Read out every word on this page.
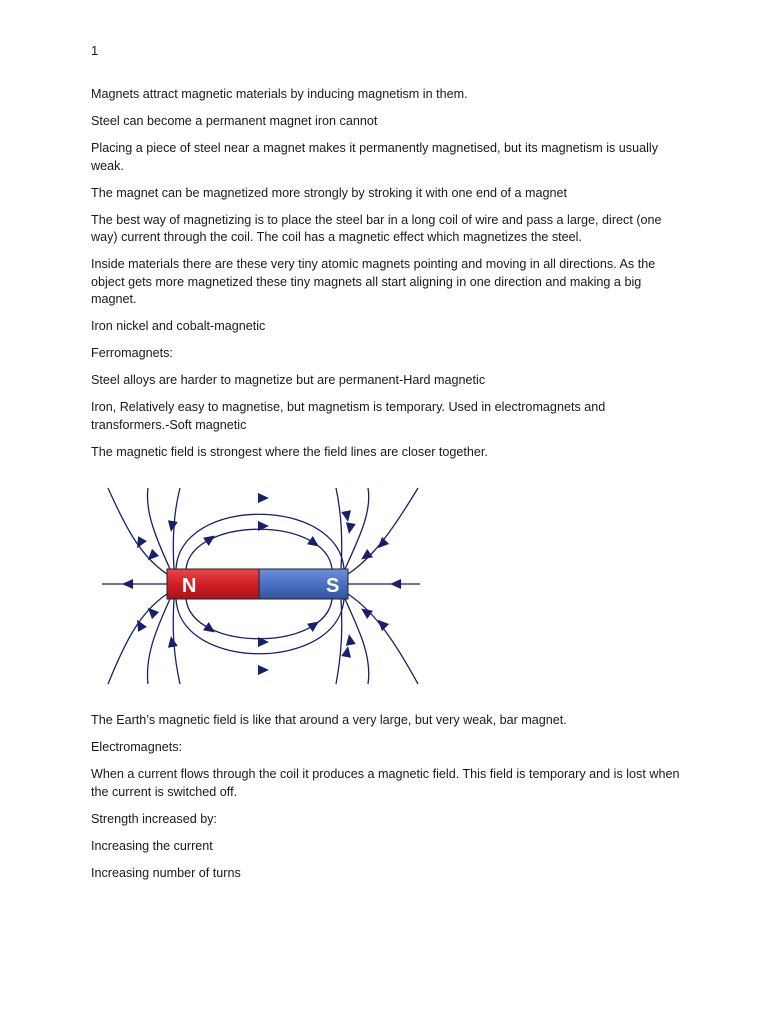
1

Magnets attract magnetic materials by inducing magnetism in them.

Steel can become a permanent magnet iron cannot

Placing a piece of steel near a magnet makes it permanently magnetised, but its magnetism is usually weak.

The magnet can be magnetized more strongly by stroking it with one end of a magnet

The best way of magnetizing is to place the steel bar in a long coil of wire and pass a large, direct (one way) current through the coil. The coil has a magnetic effect which magnetizes the steel.

Inside materials there are these very tiny atomic magnets pointing and moving in all directions. As the object gets more magnetized these tiny magnets all start aligning in one direction and making a big magnet.

Iron nickel and cobalt-magnetic

Ferromagnets:

Steel alloys are harder to magnetize but are permanent-Hard magnetic

Iron, Relatively easy to magnetise, but magnetism is temporary. Used in electromagnets and transformers.-Soft magnetic

The magnetic field is strongest where the field lines are closer together.

N	S

The Earth’s magnetic field is like that around a very large, but very weak, bar magnet.

Electromagnets:

When a current flows through the coil it produces a magnetic field. This field is temporary and is lost when the current is switched off.

Strength increased by:

Increasing the current

Increasing number of turns
